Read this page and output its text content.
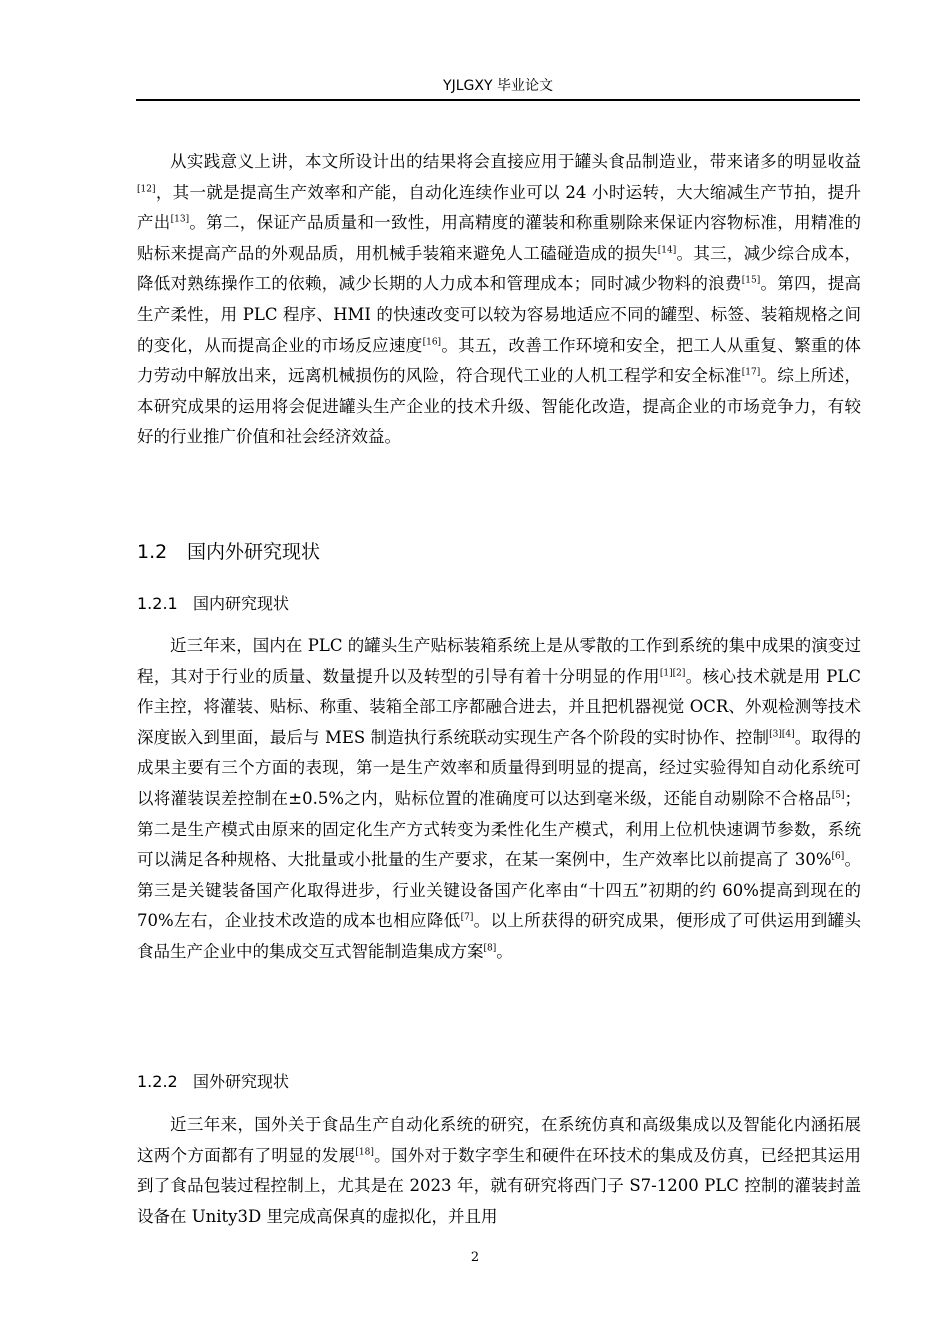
YJLGXY 毕业论文

从实践意义上讲，本文所设计出的结果将会直接应用于罐头食品制造业，带来诸多的明显收益[12]，其一就是提高生产效率和产能，自动化连续作业可以 24 小时运转，大大缩减生产节拍，提升产出[13]。第二，保证产品质量和一致性，用高精度的灌装和称重剔除来保证内容物标准，用精准的贴标来提高产品的外观品质，用机械手装箱来避免人工磕碰造成的损失[14]。其三，减少综合成本，降低对熟练操作工的依赖，减少长期的人力成本和管理成本；同时减少物料的浪费[15]。第四，提高生产柔性，用 PLC 程序、HMI 的快速改变可以较为容易地适应不同的罐型、标签、装箱规格之间的变化，从而提高企业的市场反应速度[16]。其五，改善工作环境和安全，把工人从重复、繁重的体力劳动中解放出来，远离机械损伤的风险，符合现代工业的人机工程学和安全标准[17]。综上所述，本研究成果的运用将会促进罐头生产企业的技术升级、智能化改造，提高企业的市场竞争力，有较好的行业推广价值和社会经济效益。

1.2 国内外研究现状
1.2.1 国内研究现状

近三年来，国内在 PLC 的罐头生产贴标装箱系统上是从零散的工作到系统的集中成果的演变过程，其对于行业的质量、数量提升以及转型的引导有着十分明显的作用[1][2]。核心技术就是用 PLC 作主控，将灌装、贴标、称重、装箱全部工序都融合进去，并且把机器视觉 OCR、外观检测等技术深度嵌入到里面，最后与 MES 制造执行系统联动实现生产各个阶段的实时协作、控制[3][4]。取得的成果主要有三个方面的表现，第一是生产效率和质量得到明显的提高，经过实验得知自动化系统可以将灌装误差控制在±0.5%之内，贴标位置的准确度可以达到毫米级，还能自动剔除不合格品[5]；第二是生产模式由原来的固定化生产方式转变为柔性化生产模式，利用上位机快速调节参数，系统可以满足各种规格、大批量或小批量的生产要求，在某一案例中，生产效率比以前提高了 30%[6]。第三是关键装备国产化取得进步，行业关键设备国产化率由“十四五”初期的约 60%提高到现在的 70%左右，企业技术改造的成本也相应降低[7]。以上所获得的研究成果，便形成了可供运用到罐头食品生产企业中的集成交互式智能制造集成方案[8]。

1.2.2 国外研究现状

近三年来，国外关于食品生产自动化系统的研究，在系统仿真和高级集成以及智能化内涵拓展这两个方面都有了明显的发展[18]。国外对于数字孪生和硬件在环技术的集成及仿真，已经把其运用到了食品包装过程控制上，尤其是在 2023 年，就有研究将西门子 S7-1200 PLC 控制的灌装封盖设备在 Unity3D 里完成高保真的虚拟化，并且用

2
